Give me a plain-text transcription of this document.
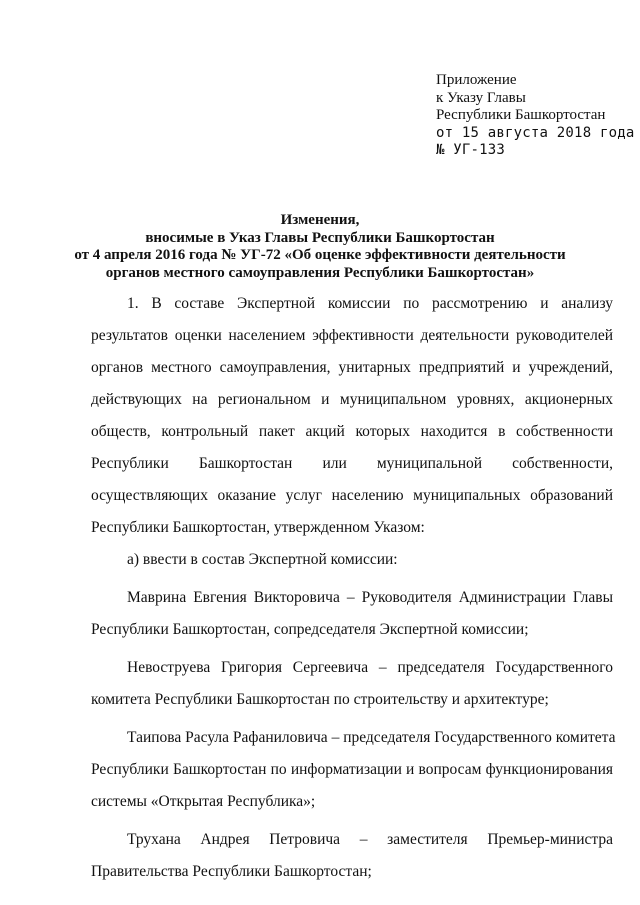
Приложение
к Указу Главы
Республики Башкортостан
от 15 августа 2018 года
№ УГ-133
Изменения,
вносимые в Указ Главы Республики Башкортостан
от 4 апреля 2016 года № УГ-72 «Об оценке эффективности деятельности
органов местного самоуправления Республики Башкортостан»
1. В составе Экспертной комиссии по рассмотрению и анализу
результатов оценки населением эффективности деятельности руководителей
органов местного самоуправления, унитарных предприятий и учреждений,
действующих на региональном и муниципальном уровнях, акционерных
обществ, контрольный пакет акций которых находится в собственности
Республики Башкортостан или муниципальной собственности,
осуществляющих оказание услуг населению муниципальных образований
Республики Башкортостан, утвержденном Указом:
а) ввести в состав Экспертной комиссии:
Маврина Евгения Викторовича – Руководителя Администрации Главы
Республики Башкортостан, сопредседателя Экспертной комиссии;
Невоструева Григория Сергеевича – председателя Государственного
комитета Республики Башкортостан по строительству и архитектуре;
Таипова Расула Рафаниловича – председателя Государственного комитета
Республики Башкортостан по информатизации и вопросам функционирования
системы «Открытая Республика»;
Трухана Андрея Петровича – заместителя Премьер-министра
Правительства Республики Башкортостан;
